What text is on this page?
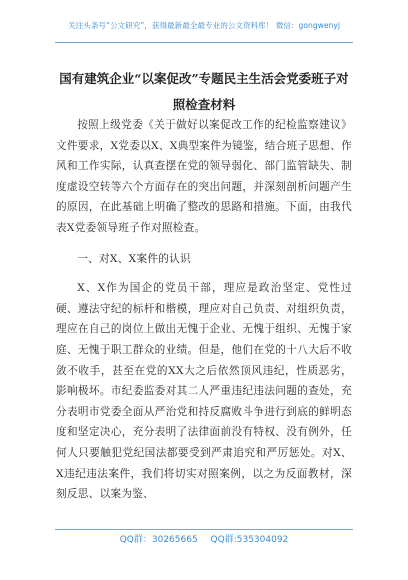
关注头条号“公文研究”，获得最新最全最专业的公文资料库！ 微信：gongwenyj
国有建筑企业“以案促改”专题民主生活会党委班子对照检查材料

按照上级党委《关于做好以案促改工作的纪检监察建议》文件要求，X党委以X、X典型案件为镜鉴，结合班子思想、作风和工作实际，认真查摆在党的领导弱化、部门监管缺失、制度虚设空转等六个方面存在的突出问题，并深刻剖析问题产生的原因，在此基础上明确了整改的思路和措施。下面，由我代表X党委领导班子作对照检查。

一、对X、X案件的认识

X、X作为国企的党员干部，理应是政治坚定、党性过硬、遵法守纪的标杆和楷模，理应对自己负责、对组织负责，理应在自己的岗位上做出无愧于企业、无愧于组织、无愧于家庭、无愧于职工群众的业绩。但是，他们在党的十八大后不收敛不收手，甚至在党的XX大之后依然顶风违纪，性质恶劣，影响极坏。市纪委监委对其二人严重违纪违法问题的查处，充分表明市党委全面从严治党和持反腐败斗争进行到底的鲜明态度和坚定决心，充分表明了法律面前没有特权、没有例外，任何人只要触犯党纪国法都要受到严肃追究和严厉惩处。对X、X违纪违法案件，我们将切实对照案例，以之为反面教材，深刻反思、以案为鉴、

QQ群：30265665 QQ群:535304092
